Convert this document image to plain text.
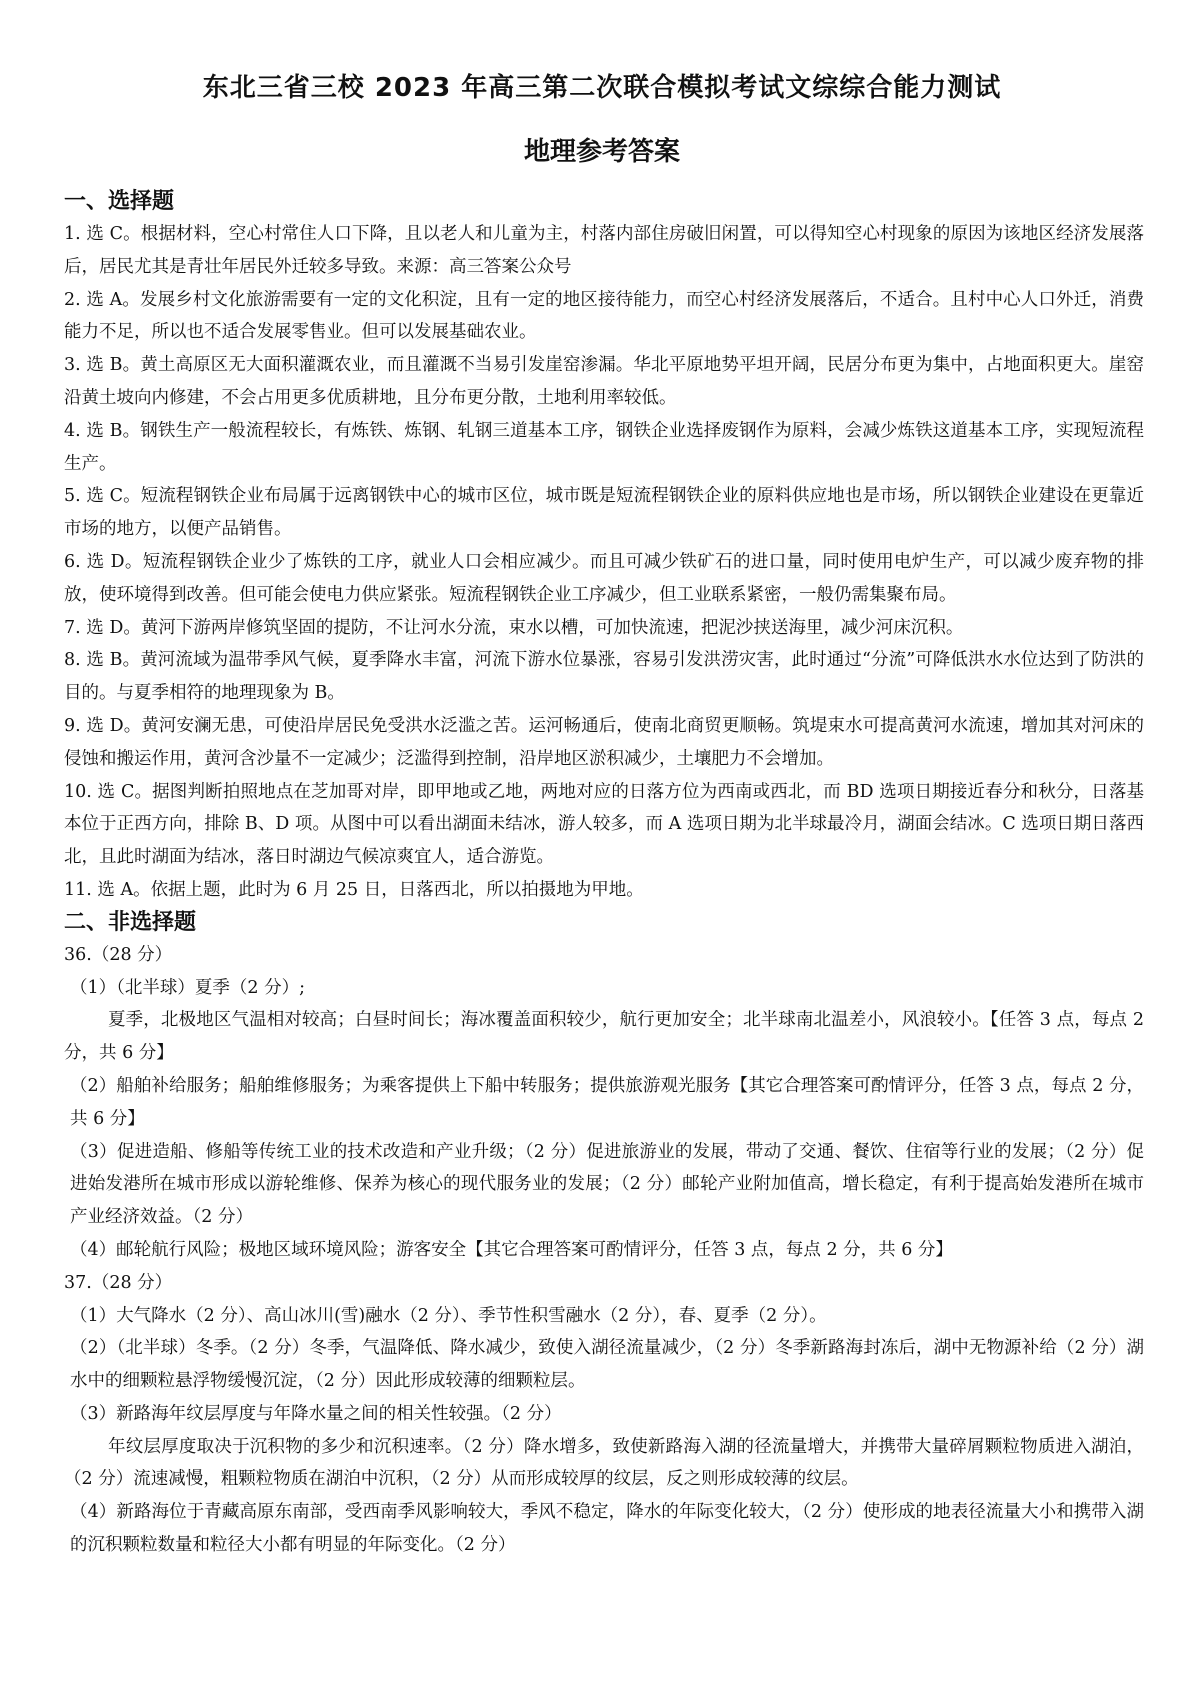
东北三省三校 2023 年高三第二次联合模拟考试文综综合能力测试
地理参考答案
一、选择题

1. 选 C。根据材料，空心村常住人口下降，且以老人和儿童为主，村落内部住房破旧闲置，可以得知空心村现象的原因为该地区经济发展落后，居民尤其是青壮年居民外迁较多导致。来源：高三答案公众号

2. 选 A。发展乡村文化旅游需要有一定的文化积淀，且有一定的地区接待能力，而空心村经济发展落后，不适合。且村中心人口外迁，消费能力不足，所以也不适合发展零售业。但可以发展基础农业。

3. 选 B。黄土高原区无大面积灌溉农业，而且灌溉不当易引发崖窑渗漏。华北平原地势平坦开阔，民居分布更为集中，占地面积更大。崖窑沿黄土坡向内修建，不会占用更多优质耕地，且分布更分散，土地利用率较低。

4. 选 B。钢铁生产一般流程较长，有炼铁、炼钢、轧钢三道基本工序，钢铁企业选择废钢作为原料，会减少炼铁这道基本工序，实现短流程生产。

5. 选 C。短流程钢铁企业布局属于远离钢铁中心的城市区位，城市既是短流程钢铁企业的原料供应地也是市场，所以钢铁企业建设在更靠近市场的地方，以便产品销售。

6. 选 D。短流程钢铁企业少了炼铁的工序，就业人口会相应减少。而且可减少铁矿石的进口量，同时使用电炉生产，可以减少废弃物的排放，使环境得到改善。但可能会使电力供应紧张。短流程钢铁企业工序减少，但工业联系紧密，一般仍需集聚布局。

7. 选 D。黄河下游两岸修筑坚固的提防，不让河水分流，束水以槽，可加快流速，把泥沙挟送海里，减少河床沉积。

8. 选 B。黄河流域为温带季风气候，夏季降水丰富，河流下游水位暴涨，容易引发洪涝灾害，此时通过“分流”可降低洪水水位达到了防洪的目的。与夏季相符的地理现象为 B。

9. 选 D。黄河安澜无患，可使沿岸居民免受洪水泛滥之苦。运河畅通后，使南北商贸更顺畅。筑堤束水可提高黄河水流速，增加其对河床的侵蚀和搬运作用，黄河含沙量不一定减少；泛滥得到控制，沿岸地区淤积减少，土壤肥力不会增加。

10. 选 C。据图判断拍照地点在芝加哥对岸，即甲地或乙地，两地对应的日落方位为西南或西北，而 BD 选项日期接近春分和秋分，日落基本位于正西方向，排除 B、D 项。从图中可以看出湖面未结冰，游人较多，而 A 选项日期为北半球最冷月，湖面会结冰。C 选项日期日落西北，且此时湖面为结冰，落日时湖边气候凉爽宜人，适合游览。

11. 选 A。依据上题，此时为 6 月 25 日，日落西北，所以拍摄地为甲地。

二、非选择题

36.（28 分）

（1）（北半球）夏季（2 分）;

夏季，北极地区气温相对较高；白昼时间长；海冰覆盖面积较少，航行更加安全；北半球南北温差小，风浪较小。【任答 3 点，每点 2 分，共 6 分】

（2）船舶补给服务；船舶维修服务；为乘客提供上下船中转服务；提供旅游观光服务【其它合理答案可酌情评分，任答 3 点，每点 2 分，共 6 分】

（3）促进造船、修船等传统工业的技术改造和产业升级；（2 分）促进旅游业的发展，带动了交通、餐饮、住宿等行业的发展；（2 分）促进始发港所在城市形成以游轮维修、保养为核心的现代服务业的发展；（2 分）邮轮产业附加值高，增长稳定，有利于提高始发港所在城市产业经济效益。（2 分）

（4）邮轮航行风险；极地区域环境风险；游客安全【其它合理答案可酌情评分，任答 3 点，每点 2 分，共 6 分】

37.（28 分）

（1）大气降水（2 分）、高山冰川(雪)融水（2 分）、季节性积雪融水（2 分），春、夏季（2 分）。

（2）（北半球）冬季。（2 分）冬季，气温降低、降水减少，致使入湖径流量减少，（2 分）冬季新路海封冻后，湖中无物源补给（2 分）湖水中的细颗粒悬浮物缓慢沉淀，（2 分）因此形成较薄的细颗粒层。

（3）新路海年纹层厚度与年降水量之间的相关性较强。（2 分）

年纹层厚度取决于沉积物的多少和沉积速率。（2 分）降水增多，致使新路海入湖的径流量增大，并携带大量碎屑颗粒物质进入湖泊，（2 分）流速减慢，粗颗粒物质在湖泊中沉积，（2 分）从而形成较厚的纹层，反之则形成较薄的纹层。

（4）新路海位于青藏高原东南部，受西南季风影响较大，季风不稳定，降水的年际变化较大，（2 分）使形成的地表径流量大小和携带入湖的沉积颗粒数量和粒径大小都有明显的年际变化。（2 分）
